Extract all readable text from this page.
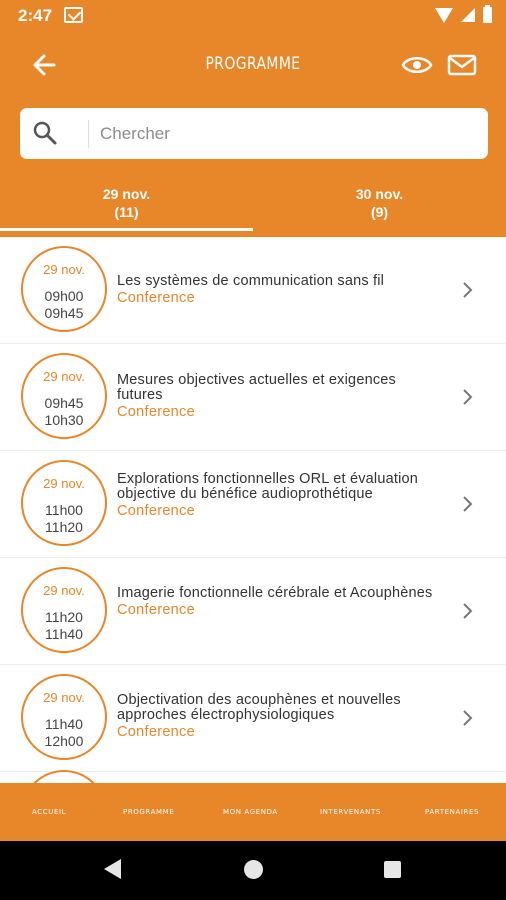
2:47
PROGRAMME
Chercher
29 nov.
(11)
30 nov.
(9)
29 nov.
09h00
09h45
Les systèmes de communication sans fil
Conference
29 nov.
09h45
10h30
Mesures objectives actuelles et exigences futures
Conference
29 nov.
11h00
11h20
Explorations fonctionnelles ORL et évaluation objective du bénéfice audioprothétique
Conference
29 nov.
11h20
11h40
Imagerie fonctionnelle cérébrale et Acouphènes
Conference
29 nov.
11h40
12h00
Objectivation des acouphènes et nouvelles approches électrophysiologiques
Conference
ACCUEIL	PROGRAMME	MON AGENDA	INTERVENANTS	PARTENAIRES
